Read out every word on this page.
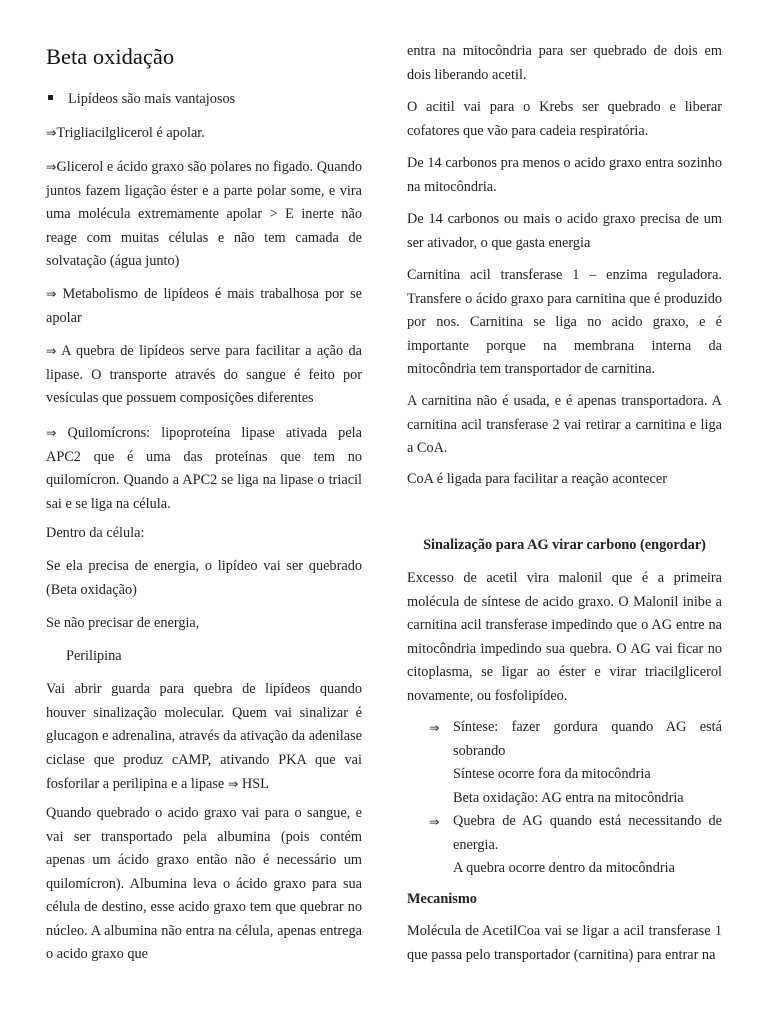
Beta oxidação
Lipídeos são mais vantajosos

⇒Trigliacilglicerol é apolar.

⇒Glicerol e ácido graxo são polares no figado. Quando juntos fazem ligação éster e a parte polar some, e vira uma molécula extremamente apolar > E inerte não reage com muitas células e não tem camada de solvatação (água junto)

⇒ Metabolismo de lipídeos é mais trabalhosa por se apolar

⇒ A quebra de lipídeos serve para facilitar a ação da lipase. O transporte através do sangue é feito por vesículas que possuem composições diferentes

⇒ Quilomícrons: lipoproteína lipase ativada pela APC2 que é uma das proteínas que tem no quilomícron. Quando a APC2 se liga na lipase o triacil sai e se liga na célula.

Dentro da célula:

Se ela precisa de energia, o lipídeo vai ser quebrado (Beta oxidação)

Se não precisar de energia,

Perilipina

Vai abrir guarda para quebra de lipídeos quando houver sinalização molecular. Quem vai sinalizar é glucagon e adrenalina, através da ativação da adenilase ciclase que produz cAMP, ativando PKA que vai fosforilar a perilipina e a lipase ⇒ HSL

Quando quebrado o acido graxo vai para o sangue, e vai ser transportado pela albumina (pois contém apenas um ácido graxo então não é necessário um quilomícron). Albumina leva o ácido graxo para sua célula de destino, esse acido graxo tem que quebrar no núcleo. A albumina não entra na célula, apenas entrega o acido graxo que

entra na mitocôndria para ser quebrado de dois em dois liberando acetil.

O acitil vai para o Krebs ser quebrado e liberar cofatores que vão para cadeia respiratória.

De 14 carbonos pra menos o acido graxo entra sozinho na mitocôndria.

De 14 carbonos ou mais o acido graxo precisa de um ser ativador, o que gasta energia

Carnitina acil transferase 1 – enzima reguladora. Transfere o ácido graxo para carnitina que é produzido por nos. Carnitina se liga no acido graxo, e é importante porque na membrana interna da mitocôndria tem transportador de carnitina.

A carnitina não é usada, e é apenas transportadora. A carnitina acil transferase 2 vai retirar a carnitina e liga a CoA.

CoA é ligada para facilitar a reação acontecer

Sinalização para AG virar carbono (engordar)

Excesso de acetil vira malonil que é a primeira molécula de síntese de acido graxo. O Malonil inibe a carnitina acil transferase impedindo que o AG entre na mitocôndria impedindo sua quebra. O AG vai ficar no citoplasma, se ligar ao éster e virar triacilglicerol novamente, ou fosfolipídeo.

⇒ Síntese: fazer gordura quando AG está sobrando

Síntese ocorre fora da mitocôndria

Beta oxidação: AG entra na mitocôndria

⇒ Quebra de AG quando está necessitando de energia.

A quebra ocorre dentro da mitocôndria

Mecanismo

Molécula de AcetilCoa vai se ligar a acil transferase 1 que passa pelo transportador (carnitina) para entrar na
